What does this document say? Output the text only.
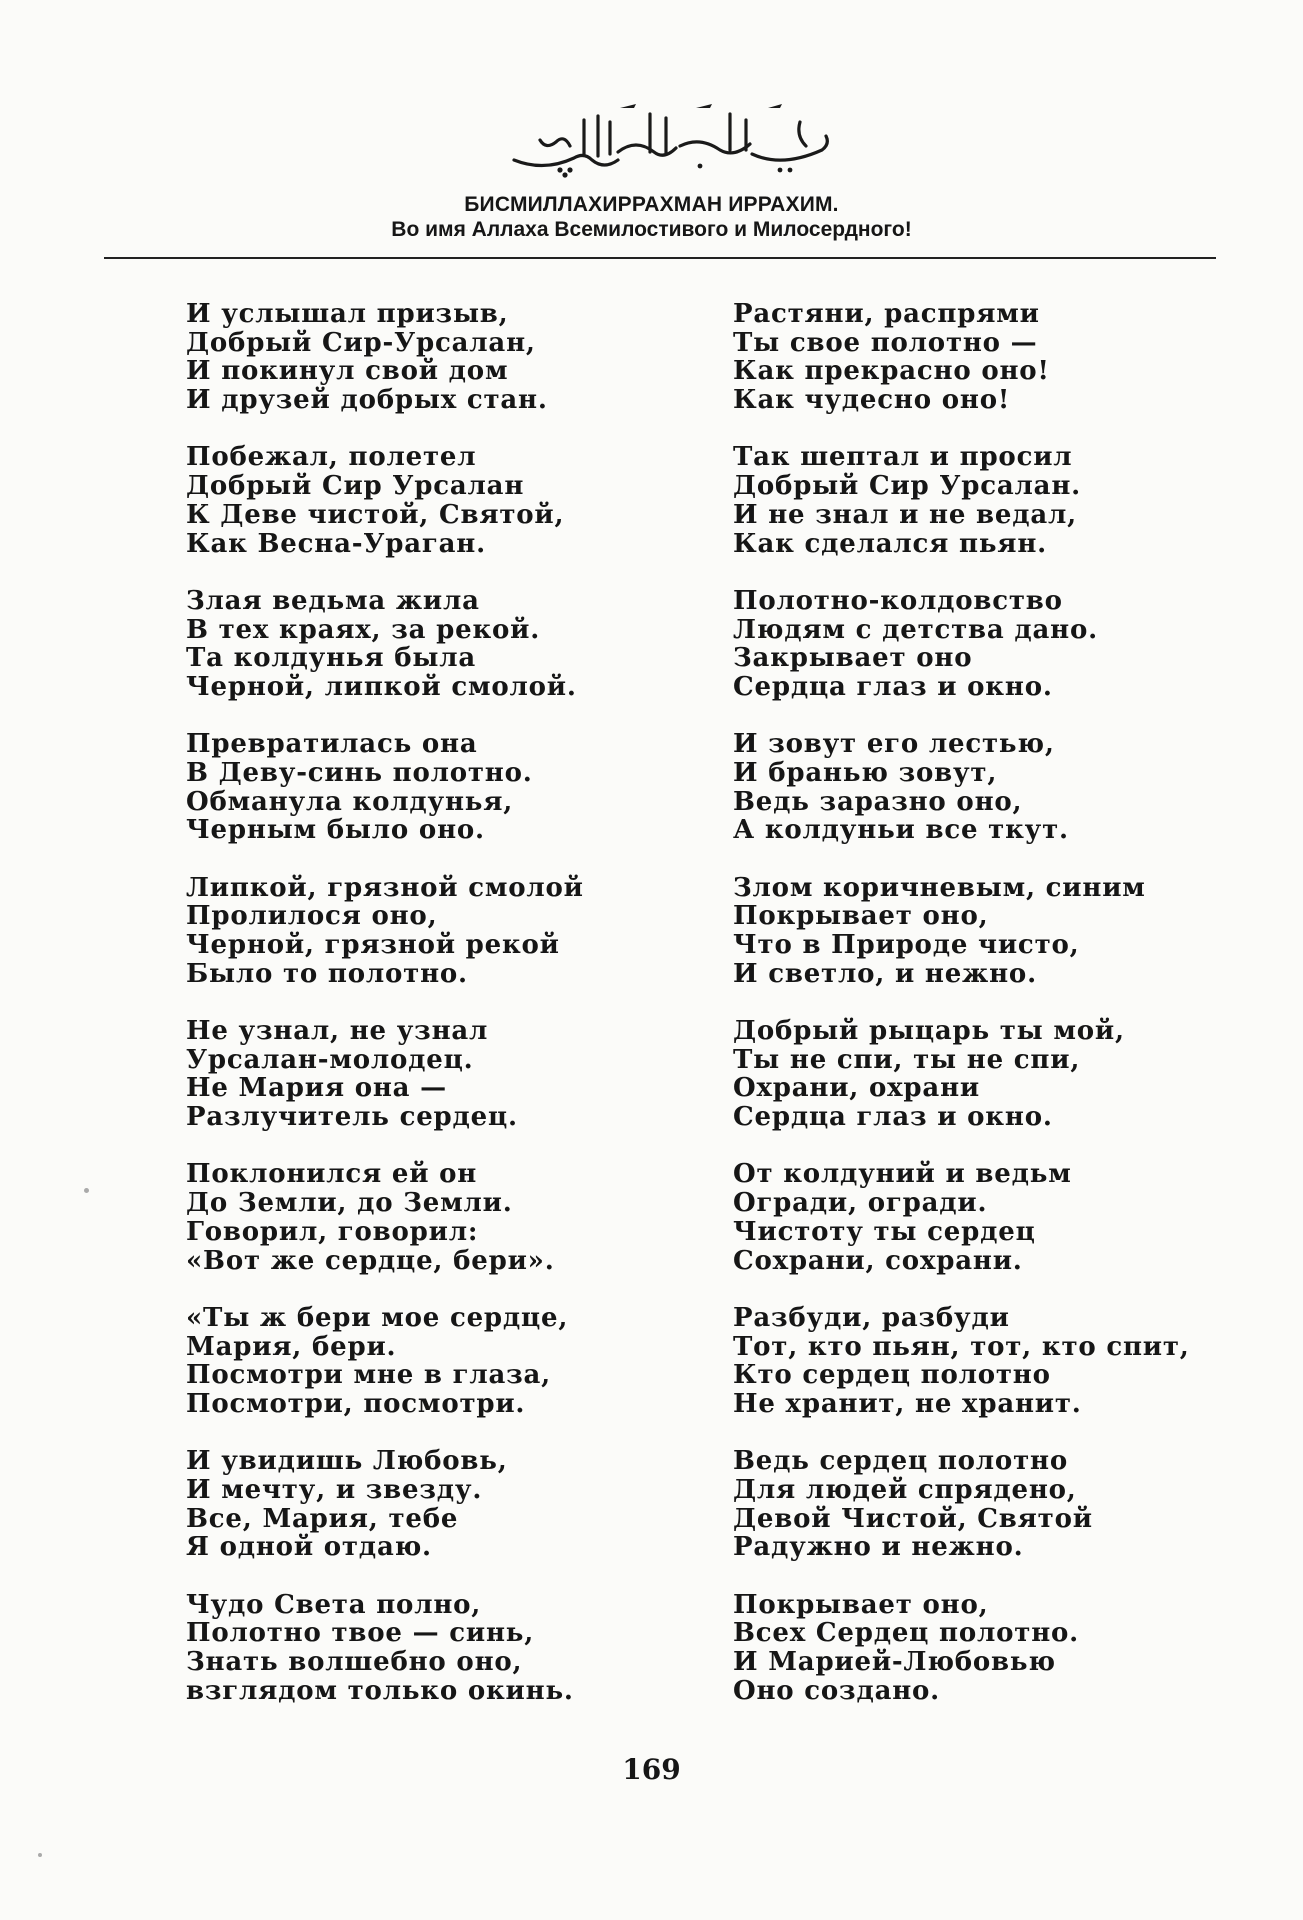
БИСМИЛЛАХИРРАХМАН ИРРАХИМ.
Во имя Аллаха Всемилостивого и Милосердного!
И услышал призыв,
Добрый Сир-Урсалан,
И покинул свой дом
И друзей добрых стан.
Побежал, полетел
Добрый Сир Урсалан
К Деве чистой, Святой,
Как Весна-Ураган.
Злая ведьма жила
В тех краях, за рекой.
Та колдунья была
Черной, липкой смолой.
Превратилась она
В Деву-синь полотно.
Обманула колдунья,
Черным было оно.
Липкой, грязной смолой
Пролилося оно,
Черной, грязной рекой
Было то полотно.
Не узнал, не узнал
Урсалан-молодец.
Не Мария она —
Разлучитель сердец.
Поклонился ей он
До Земли, до Земли.
Говорил, говорил:
«Вот же сердце, бери».
«Ты ж бери мое сердце,
Мария, бери.
Посмотри мне в глаза,
Посмотри, посмотри.
И увидишь Любовь,
И мечту, и звезду.
Все, Мария, тебе
Я одной отдаю.
Чудо Света полно,
Полотно твое — синь,
Знать волшебно оно,
взглядом только окинь.
Растяни, распрями
Ты свое полотно —
Как прекрасно оно!
Как чудесно оно!
Так шептал и просил
Добрый Сир Урсалан.
И не знал и не ведал,
Как сделался пьян.
Полотно-колдовство
Людям с детства дано.
Закрывает оно
Сердца глаз и окно.
И зовут его лестью,
И бранью зовут,
Ведь заразно оно,
А колдуньи все ткут.
Злом коричневым, синим
Покрывает оно,
Что в Природе чисто,
И светло, и нежно.
Добрый рыцарь ты мой,
Ты не спи, ты не спи,
Охрани, охрани
Сердца глаз и окно.
От колдуний и ведьм
Огради, огради.
Чистоту ты сердец
Сохрани, сохрани.
Разбуди, разбуди
Тот, кто пьян, тот, кто спит,
Кто сердец полотно
Не хранит, не хранит.
Ведь сердец полотно
Для людей спрядено,
Девой Чистой, Святой
Радужно и нежно.
Покрывает оно,
Всех Сердец полотно.
И Марией-Любовью
Оно создано.
169
